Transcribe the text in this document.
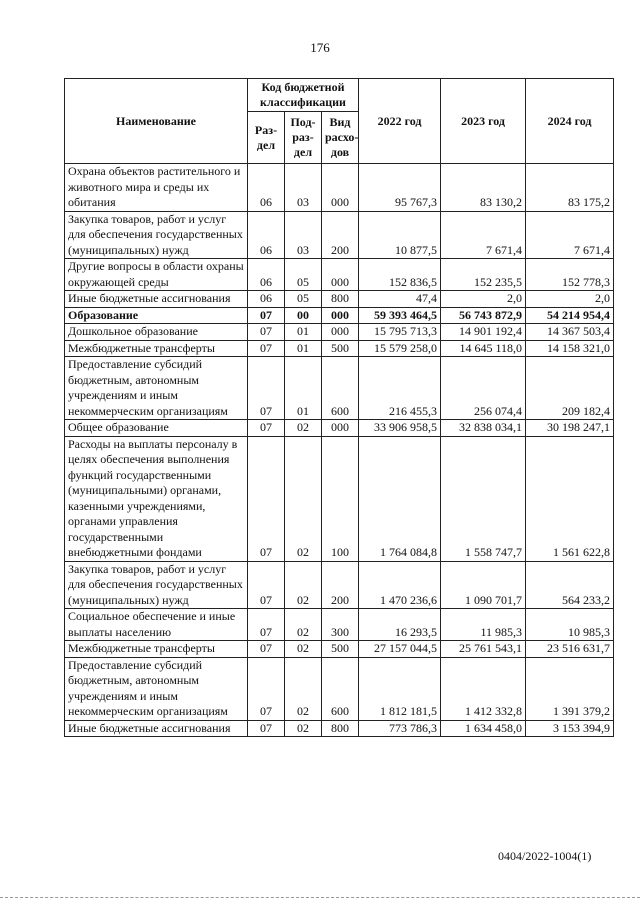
176
Наименование	Код бюджетной классификации			2022 год	2023 год	2024 год
	Раз-дел	Под-раз-дел	Вид расхо-дов			
Охрана объектов растительного и животного мира и среды их обитания	06	03	000	95 767,3	83 130,2	83 175,2
Закупка товаров, работ и услуг для обеспечения государственных (муниципальных) нужд	06	03	200	10 877,5	7 671,4	7 671,4
Другие вопросы в области охраны окружающей среды	06	05	000	152 836,5	152 235,5	152 778,3
Иные бюджетные ассигнования	06	05	800	47,4	2,0	2,0
Образование	07	00	000	59 393 464,5	56 743 872,9	54 214 954,4
Дошкольное образование	07	01	000	15 795 713,3	14 901 192,4	14 367 503,4
Межбюджетные трансферты	07	01	500	15 579 258,0	14 645 118,0	14 158 321,0
Предоставление субсидий бюджетным, автономным учреждениям и иным некоммерческим организациям	07	01	600	216 455,3	256 074,4	209 182,4
Общее образование	07	02	000	33 906 958,5	32 838 034,1	30 198 247,1
Расходы на выплаты персоналу в целях обеспечения выполнения функций государственными (муниципальными) органами, казенными учреждениями, органами управления государственными внебюджетными фондами	07	02	100	1 764 084,8	1 558 747,7	1 561 622,8
Закупка товаров, работ и услуг для обеспечения государственных (муниципальных) нужд	07	02	200	1 470 236,6	1 090 701,7	564 233,2
Социальное обеспечение и иные выплаты населению	07	02	300	16 293,5	11 985,3	10 985,3
Межбюджетные трансферты	07	02	500	27 157 044,5	25 761 543,1	23 516 631,7
Предоставление субсидий бюджетным, автономным учреждениям и иным некоммерческим организациям	07	02	600	1 812 181,5	1 412 332,8	1 391 379,2
Иные бюджетные ассигнования	07	02	800	773 786,3	1 634 458,0	3 153 394,9
0404/2022-1004(1)
